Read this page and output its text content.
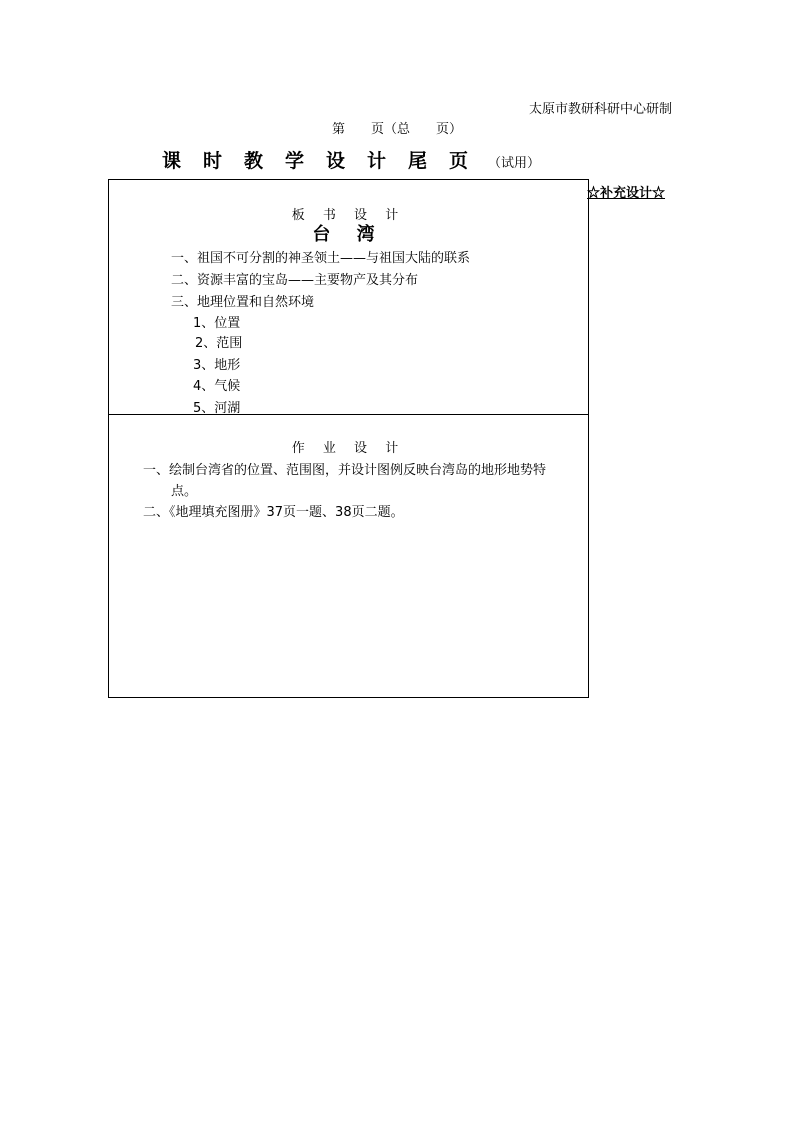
太原市教研科研中心研制
第　　页（总　　页）
课时教学设计尾页
（试用）
☆补充设计☆
板 书 设 计
台 湾
一、祖国不可分割的神圣领土——与祖国大陆的联系
二、资源丰富的宝岛——主要物产及其分布
三、地理位置和自然环境
1、位置
2、范围
3、地形
4、气候
5、河湖
作 业 设 计
一、绘制台湾省的位置、范围图，并设计图例反映台湾岛的地形地势特
点。
二、《地理填充图册》37页一题、38页二题。
